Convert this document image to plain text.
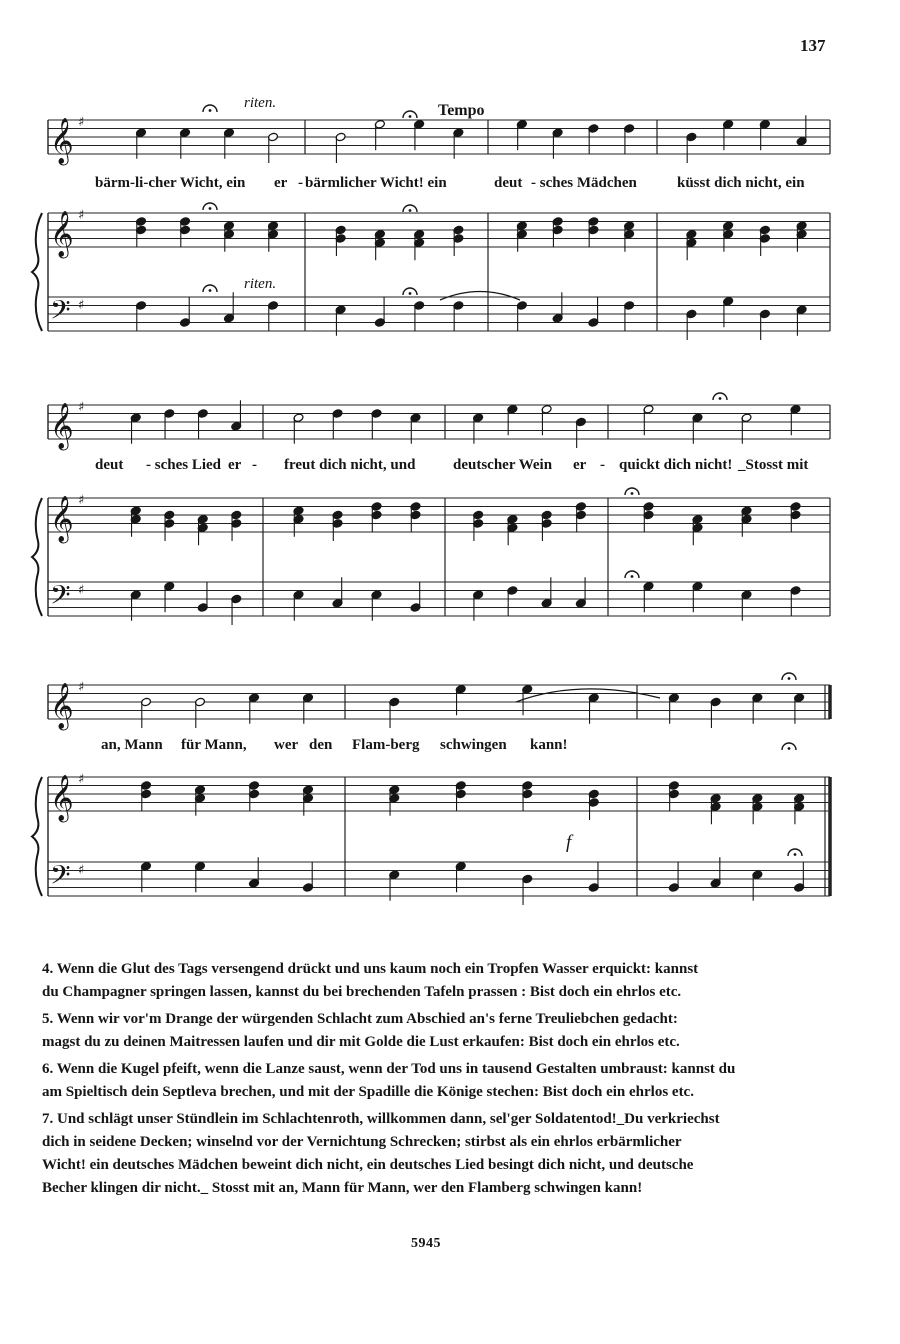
137
riten.	Tempo
riten.
f
𝄞
𝄞
𝄢
♯
♯
♯
bärm-li-cher Wicht, ein er - bärmlicher Wicht! ein	deut - sches Mädchen	küsst dich nicht, ein
𝄞
𝄞
𝄢
♯
♯
♯
deut - sches Lied er - freut dich nicht, und	deutscher Wein er - quickt dich nicht! _Stosst mit
𝄞
𝄞
𝄢
♯
♯
♯
an, Mann für Mann, wer den Flam-berg schwingen kann!
4. Wenn die Glut des Tags versengend drückt und uns kaum noch ein Tropfen Wasser erquickt: kannst
du Champagner springen lassen, kannst du bei brechenden Tafeln prassen : Bist doch ein ehrlos etc.
5. Wenn wir vor'm Drange der würgenden Schlacht zum Abschied an's ferne Treuliebchen gedacht:
magst du zu deinen Maitressen laufen und dir mit Golde die Lust erkaufen: Bist doch ein ehrlos etc.
6. Wenn die Kugel pfeift, wenn die Lanze saust, wenn der Tod uns in tausend Gestalten umbraust: kannst du
am Spieltisch dein Septleva brechen, und mit der Spadille die Könige stechen: Bist doch ein ehrlos etc.
7. Und schlägt unser Stündlein im Schlachtenroth, willkommen dann, sel'ger Soldatentod!_Du verkriechst
dich in seidene Decken; winselnd vor der Vernichtung Schrecken; stirbst als ein ehrlos erbärmlicher
Wicht! ein deutsches Mädchen beweint dich nicht, ein deutsches Lied besingt dich nicht, und deutsche
Becher klingen dir nicht._ Stosst mit an, Mann für Mann, wer den Flamberg schwingen kann!
5945
